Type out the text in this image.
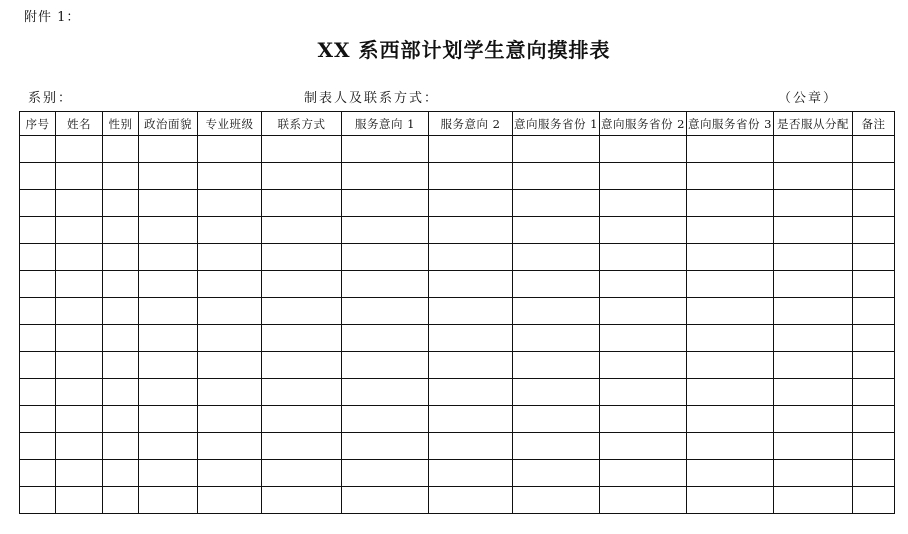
附件 1：
XX 系西部计划学生意向摸排表
系别：	制表人及联系方式：	（公章）
序号	姓名	性别	政治面貌	专业班级	联系方式	服务意向 1	服务意向 2	意向服务省份 1	意向服务省份 2	意向服务省份 3	是否服从分配	备注
